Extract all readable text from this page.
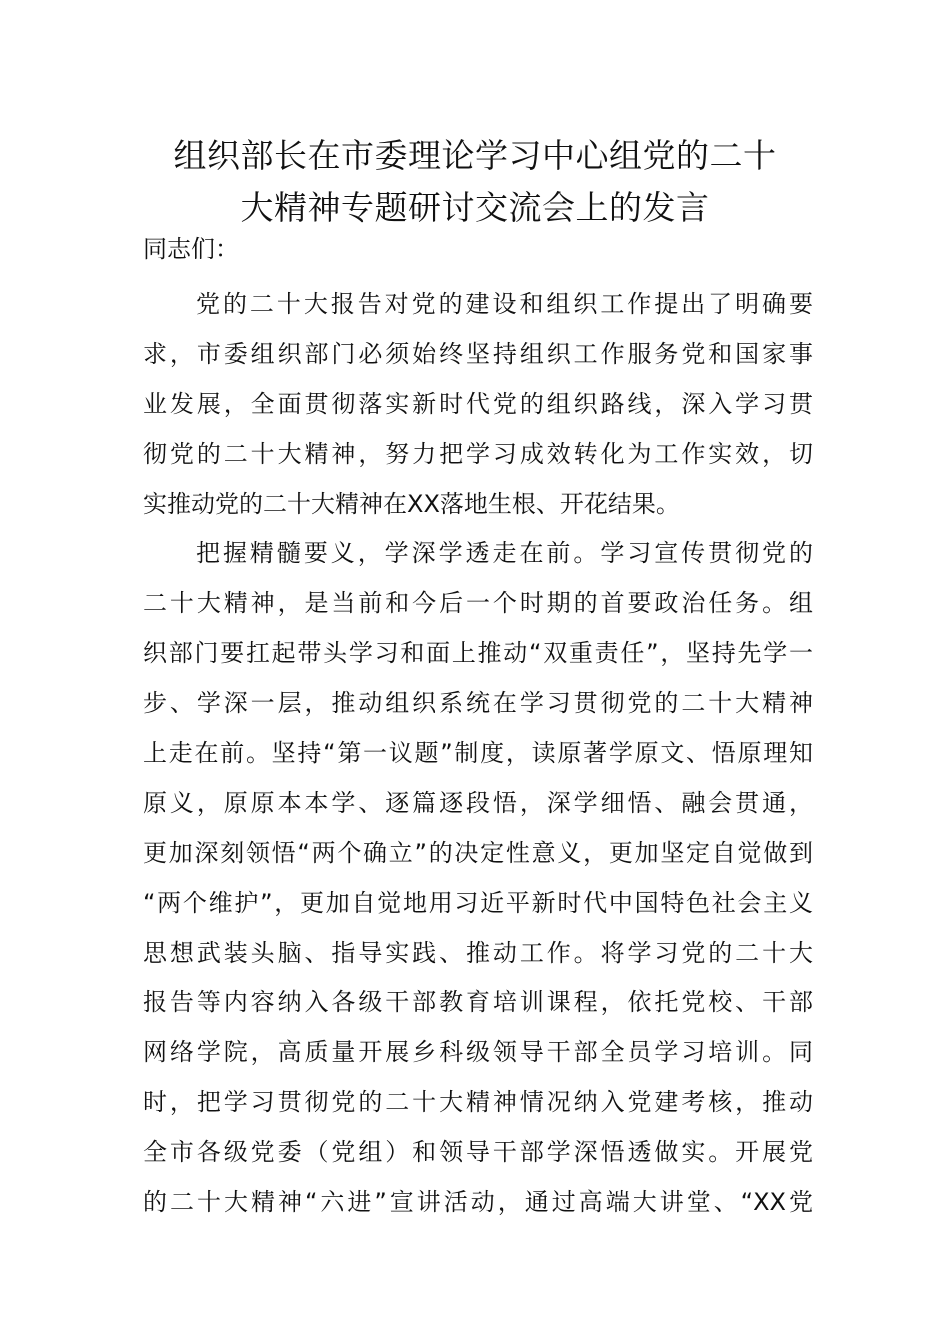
组织部长在市委理论学习中心组党的二十
大精神专题研讨交流会上的发言

同志们：

党的二十大报告对党的建设和组织工作提出了明确要
求，市委组织部门必须始终坚持组织工作服务党和国家事
业发展，全面贯彻落实新时代党的组织路线，深入学习贯
彻党的二十大精神，努力把学习成效转化为工作实效，切
实推动党的二十大精神在XX落地生根、开花结果。
把握精髓要义，学深学透走在前。学习宣传贯彻党的
二十大精神，是当前和今后一个时期的首要政治任务。组
织部门要扛起带头学习和面上推动“双重责任”，坚持先学一
步、学深一层，推动组织系统在学习贯彻党的二十大精神
上走在前。坚持“第一议题”制度，读原著学原文、悟原理知
原义，原原本本学、逐篇逐段悟，深学细悟、融会贯通，
更加深刻领悟“两个确立”的决定性意义，更加坚定自觉做到
“两个维护”，更加自觉地用习近平新时代中国特色社会主义
思想武装头脑、指导实践、推动工作。将学习党的二十大
报告等内容纳入各级干部教育培训课程，依托党校、干部
网络学院，高质量开展乡科级领导干部全员学习培训。同
时，把学习贯彻党的二十大精神情况纳入党建考核，推动
全市各级党委（党组）和领导干部学深悟透做实。开展党
的二十大精神“六进”宣讲活动，通过高端大讲堂、“XX党
